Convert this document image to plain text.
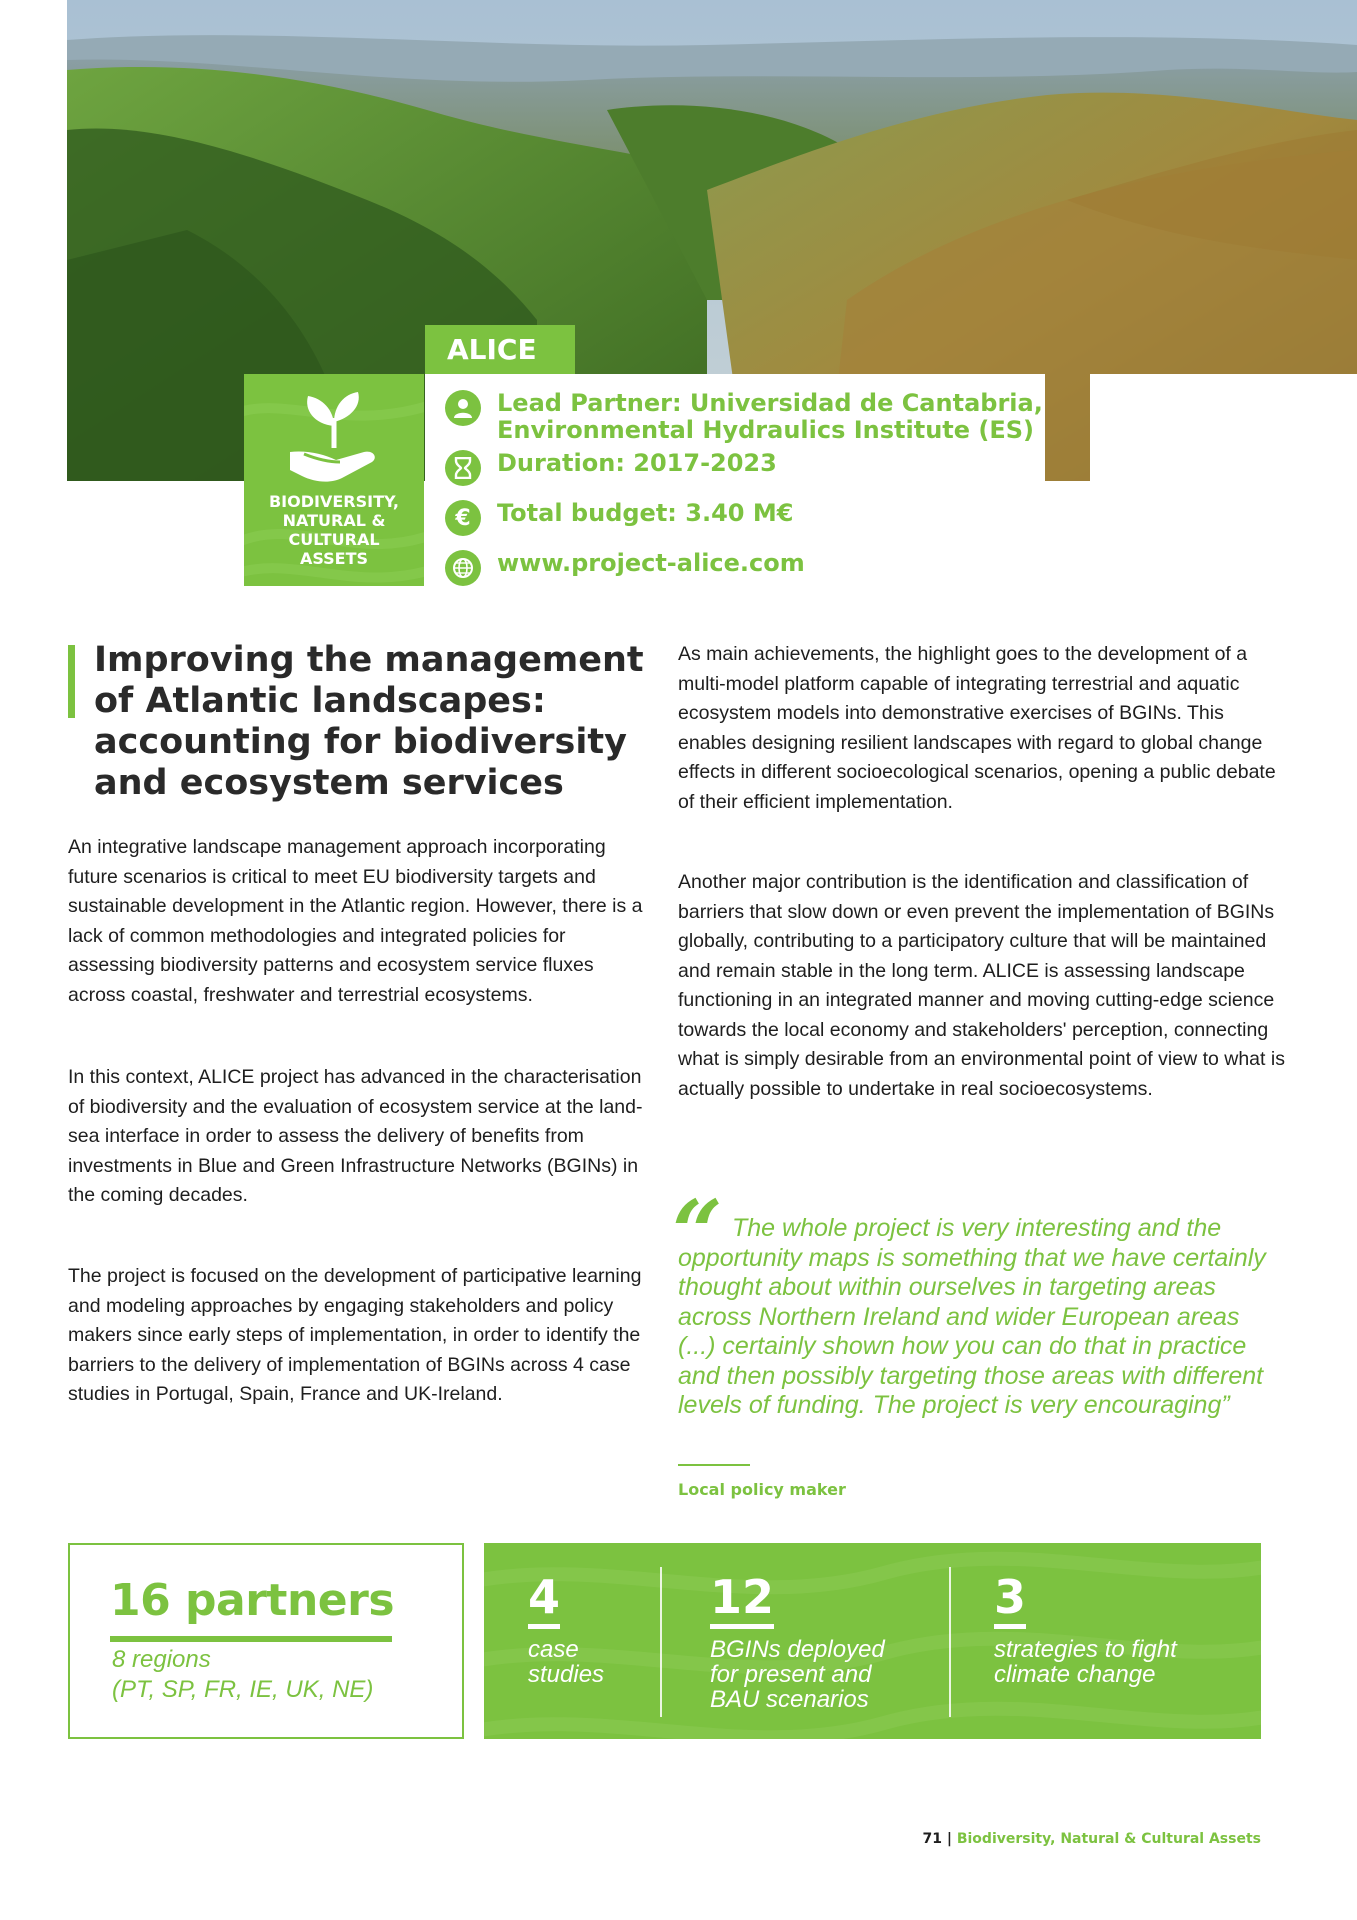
BIODIVERSITY,
NATURAL &
CULTURAL
ASSETS
ALICE
Lead Partner: Universidad de Cantabria,
Environmental Hydraulics Institute (ES)
Duration: 2017-2023
€	Total budget: 3.40 M€
www.project-alice.com
Improving the management
of Atlantic landscapes:
accounting for biodiversity
and ecosystem services

An integrative landscape management approach incorporating future scenarios is critical to meet EU biodiversity targets and sustainable development in the Atlantic region. However, there is a lack of common methodologies and integrated policies for assessing biodiversity patterns and ecosystem service fluxes across coastal, freshwater and terrestrial ecosystems.

In this context, ALICE project has advanced in the characterisation of biodiversity and the evaluation of ecosystem service at the land-sea interface in order to assess the delivery of benefits from investments in Blue and Green Infrastructure Networks (BGINs) in the coming decades.

The project is focused on the development of participative learning and modeling approaches by engaging stakeholders and policy makers since early steps of implementation, in order to identify the barriers to the delivery of implementation of BGINs across 4 case studies in Portugal, Spain, France and UK-Ireland.

As main achievements, the highlight goes to the development of a multi-model platform capable of integrating terrestrial and aquatic ecosystem models into demonstrative exercises of BGINs. This enables designing resilient landscapes with regard to global change effects in different socioecological scenarios, opening a public debate of their efficient implementation.

Another major contribution is the identification and classification of barriers that slow down or even prevent the implementation of BGINs globally, contributing to a participatory culture that will be maintained and remain stable in the long term. ALICE is assessing landscape functioning in an integrated manner and moving cutting-edge science towards the local economy and stakeholders' perception, connecting what is simply desirable from an environmental point of view to what is actually possible to undertake in real socioecosystems.

“ The whole project is very interesting and the opportunity maps is something that we have certainly thought about within ourselves in targeting areas across Northern Ireland and wider European areas (...) certainly shown how you can do that in practice and then possibly targeting those areas with different levels of funding. The project is very encouraging”
Local policy maker
16 partners
8 regions
(PT, SP, FR, IE, UK, NE)
4
case
studies
12
BGINs deployed
for present and
BAU scenarios
3
strategies to fight
climate change
71 | Biodiversity, Natural & Cultural Assets
